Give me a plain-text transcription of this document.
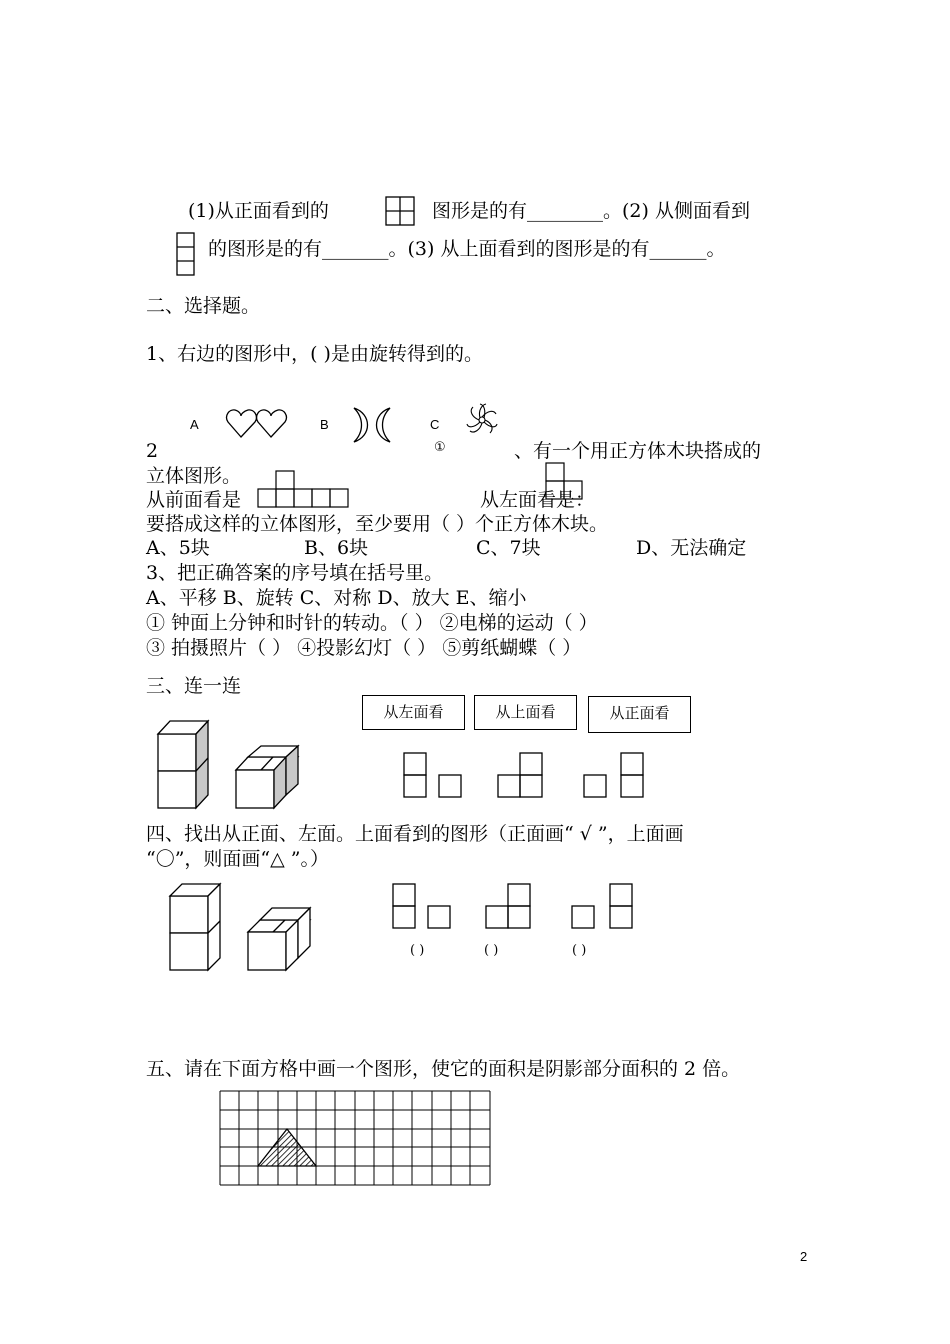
(1)从正面看到的	图形是的有________。(2) 从侧面看到
的图形是的有_______。(3) 从上面看到的图形是的有______。
二、选择题。
1、右边的图形中，( )是由旋转得到的。
A	B	C
①
2	、有一个用正方体木块搭成的
立体图形。
从前面看是	从左面看是：
要搭成这样的立体图形，至少要用（ ）个正方体木块。
A、5块	B、6块	C、7块	D、无法确定
3、把正确答案的序号填在括号里。
A、平移 B、旋转 C、对称 D、放大 E、缩小
① 钟面上分钟和时针的转动。（ ） ②电梯的运动（ ）
③ 拍摄照片（ ） ④投影幻灯（ ） ⑤剪纸蝴蝶（ ）
三、连一连
从左面看	从上面看	从正面看
四、找出从正面、左面。上面看到的图形（正面画“ √ ”，上面画
“〇”，则面画“△ ”。）
( )	( )	( )
五、请在下面方格中画一个图形，使它的面积是阴影部分面积的 2 倍。
2
